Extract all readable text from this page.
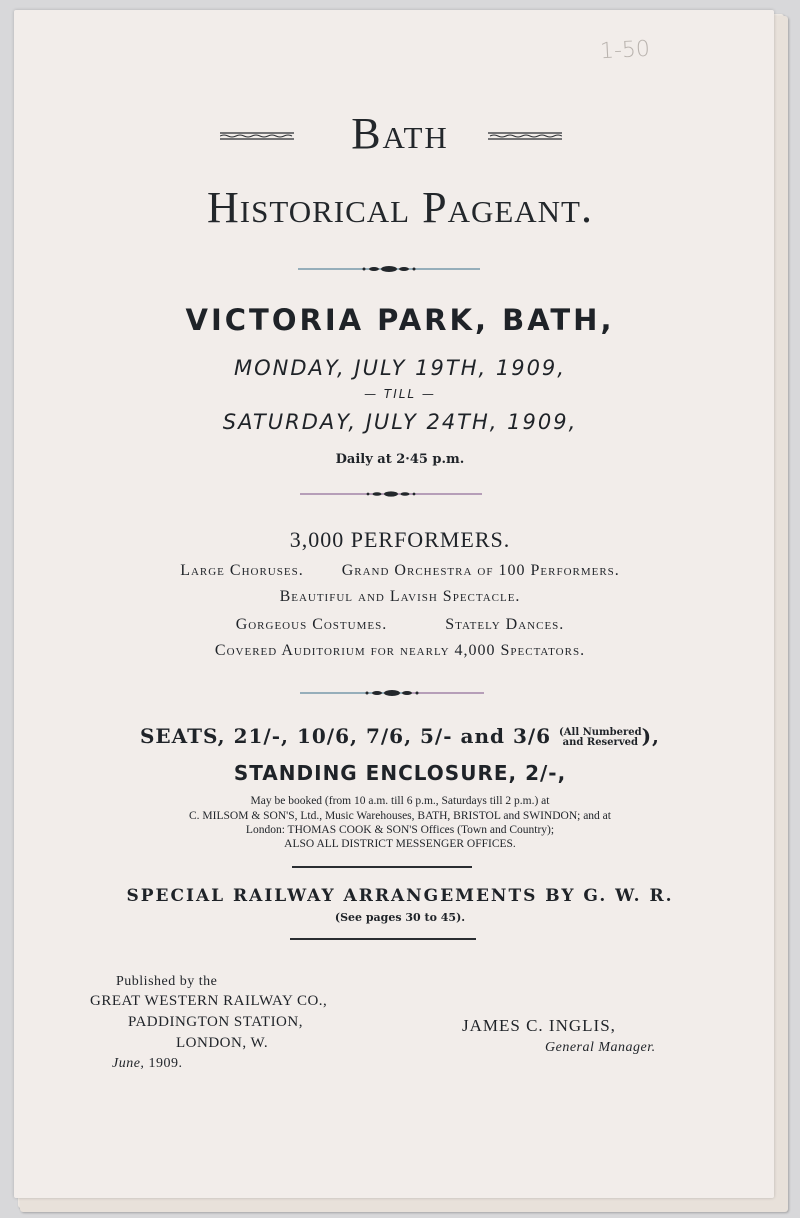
1-50
Bath
Historical Pageant.
VICTORIA PARK, BATH,
MONDAY, JULY 19TH, 1909,
— TILL —
SATURDAY, JULY 24TH, 1909,
Daily at 2·45 p.m.
3,000 PERFORMERS.
Large Choruses. Grand Orchestra of 100 Performers.
Beautiful and Lavish Spectacle.
Gorgeous Costumes.	Stately Dances.
Covered Auditorium for nearly 4,000 Spectators.
SEATS, 21/-, 10/6, 7/6, 5/- and 3/6 (All Numbered
and Reserved ),
STANDING ENCLOSURE, 2/-,
May be booked (from 10 a.m. till 6 p.m., Saturdays till 2 p.m.) at
C. MILSOM & SON'S, Ltd., Music Warehouses, BATH, BRISTOL and SWINDON; and at
London: THOMAS COOK & SON'S Offices (Town and Country);
ALSO ALL DISTRICT MESSENGER OFFICES.
SPECIAL RAILWAY ARRANGEMENTS BY G. W. R.
(See pages 30 to 45).
Published by the
GREAT WESTERN RAILWAY CO.,
PADDINGTON STATION,
LONDON, W.
June, 1909.
JAMES C. INGLIS,
General Manager.
